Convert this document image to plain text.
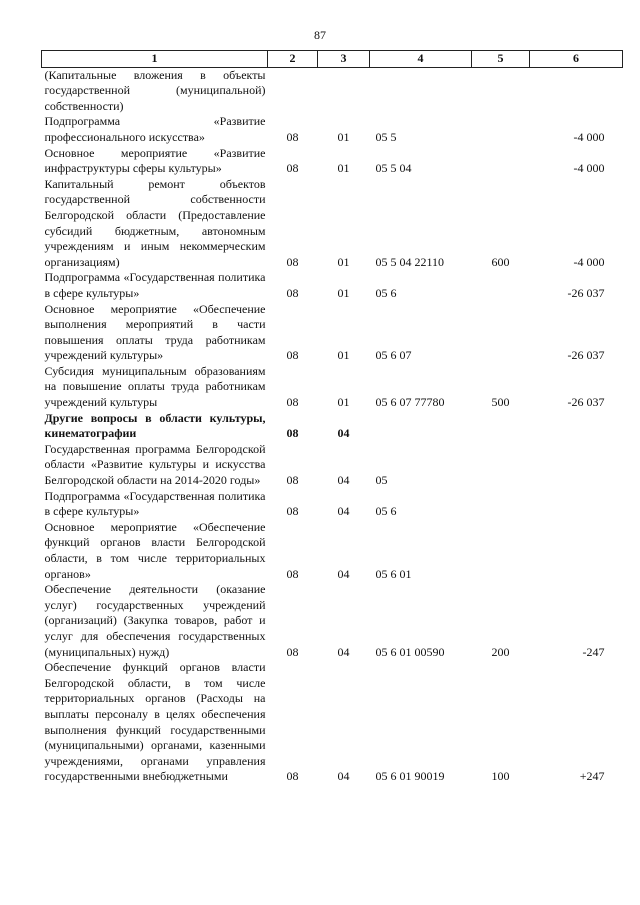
87
1	2	3	4	5	6
(Капитальные вложения в объекты государственной (муниципальной) собственности)					
Подпрограмма «Развитие профессионального искусства»	08	01	05 5		-4 000
Основное мероприятие «Развитие инфраструктуры сферы культуры»	08	01	05 5 04		-4 000
Капитальный ремонт объектов государственной собственности Белгородской области (Предоставление субсидий бюджетным, автономным учреждениям и иным некоммерческим организациям)	08	01	05 5 04 22110	600	-4 000
Подпрограмма «Государственная политика в сфере культуры»	08	01	05 6		-26 037
Основное мероприятие «Обеспечение выполнения мероприятий в части повышения оплаты труда работникам учреждений культуры»	08	01	05 6 07		-26 037
Субсидия муниципальным образованиям на повышение оплаты труда работникам учреждений культуры	08	01	05 6 07 77780	500	-26 037
Другие вопросы в области культуры, кинематографии	08	04			
Государственная программа Белгородской области «Развитие культуры и искусства Белгородской области на 2014-2020 годы»	08	04	05		
Подпрограмма «Государственная политика в сфере культуры»	08	04	05 6		
Основное мероприятие «Обеспечение функций органов власти Белгородской области, в том числе территориальных органов»	08	04	05 6 01		
Обеспечение деятельности (оказание услуг) государственных учреждений (организаций) (Закупка товаров, работ и услуг для обеспечения государственных (муниципальных) нужд)	08	04	05 6 01 00590	200	-247
Обеспечение функций органов власти Белгородской области, в том числе территориальных органов (Расходы на выплаты персоналу в целях обеспечения выполнения функций государственными (муниципальными) органами, казенными учреждениями, органами управления государственными внебюджетными	08	04	05 6 01 90019	100	+247
